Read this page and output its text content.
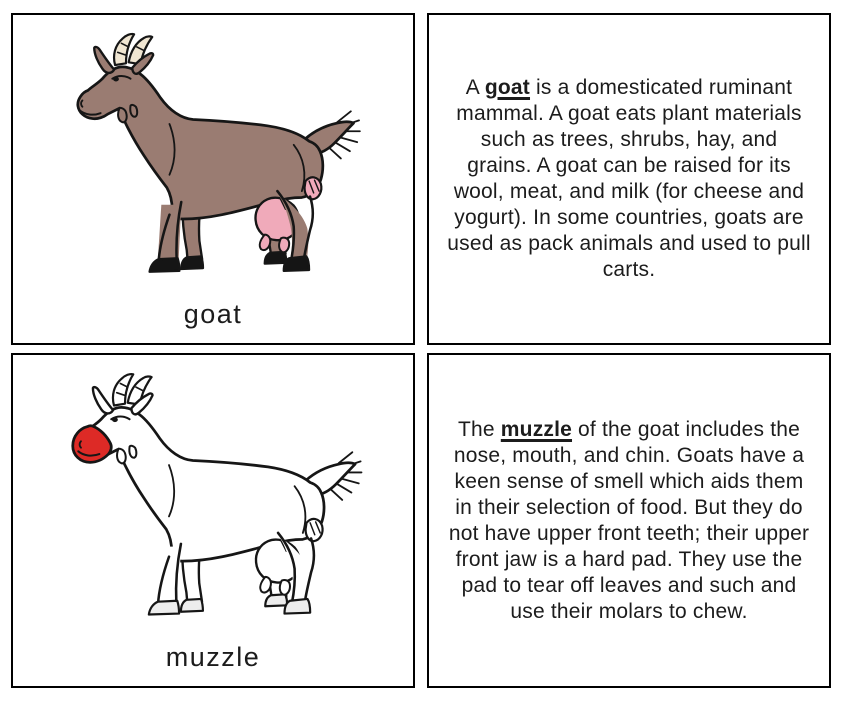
goat

A goat is a domesticated ruminant mammal. A goat eats plant materials such as trees, shrubs, hay, and grains. A goat can be raised for its wool, meat, and milk (for cheese and yogurt). In some countries, goats are used as pack animals and used to pull carts.

muzzle

The muzzle of the goat includes the nose, mouth, and chin. Goats have a keen sense of smell which aids them in their selection of food. But they do not have upper front teeth; their upper front jaw is a hard pad. They use the pad to tear off leaves and such and use their molars to chew.
